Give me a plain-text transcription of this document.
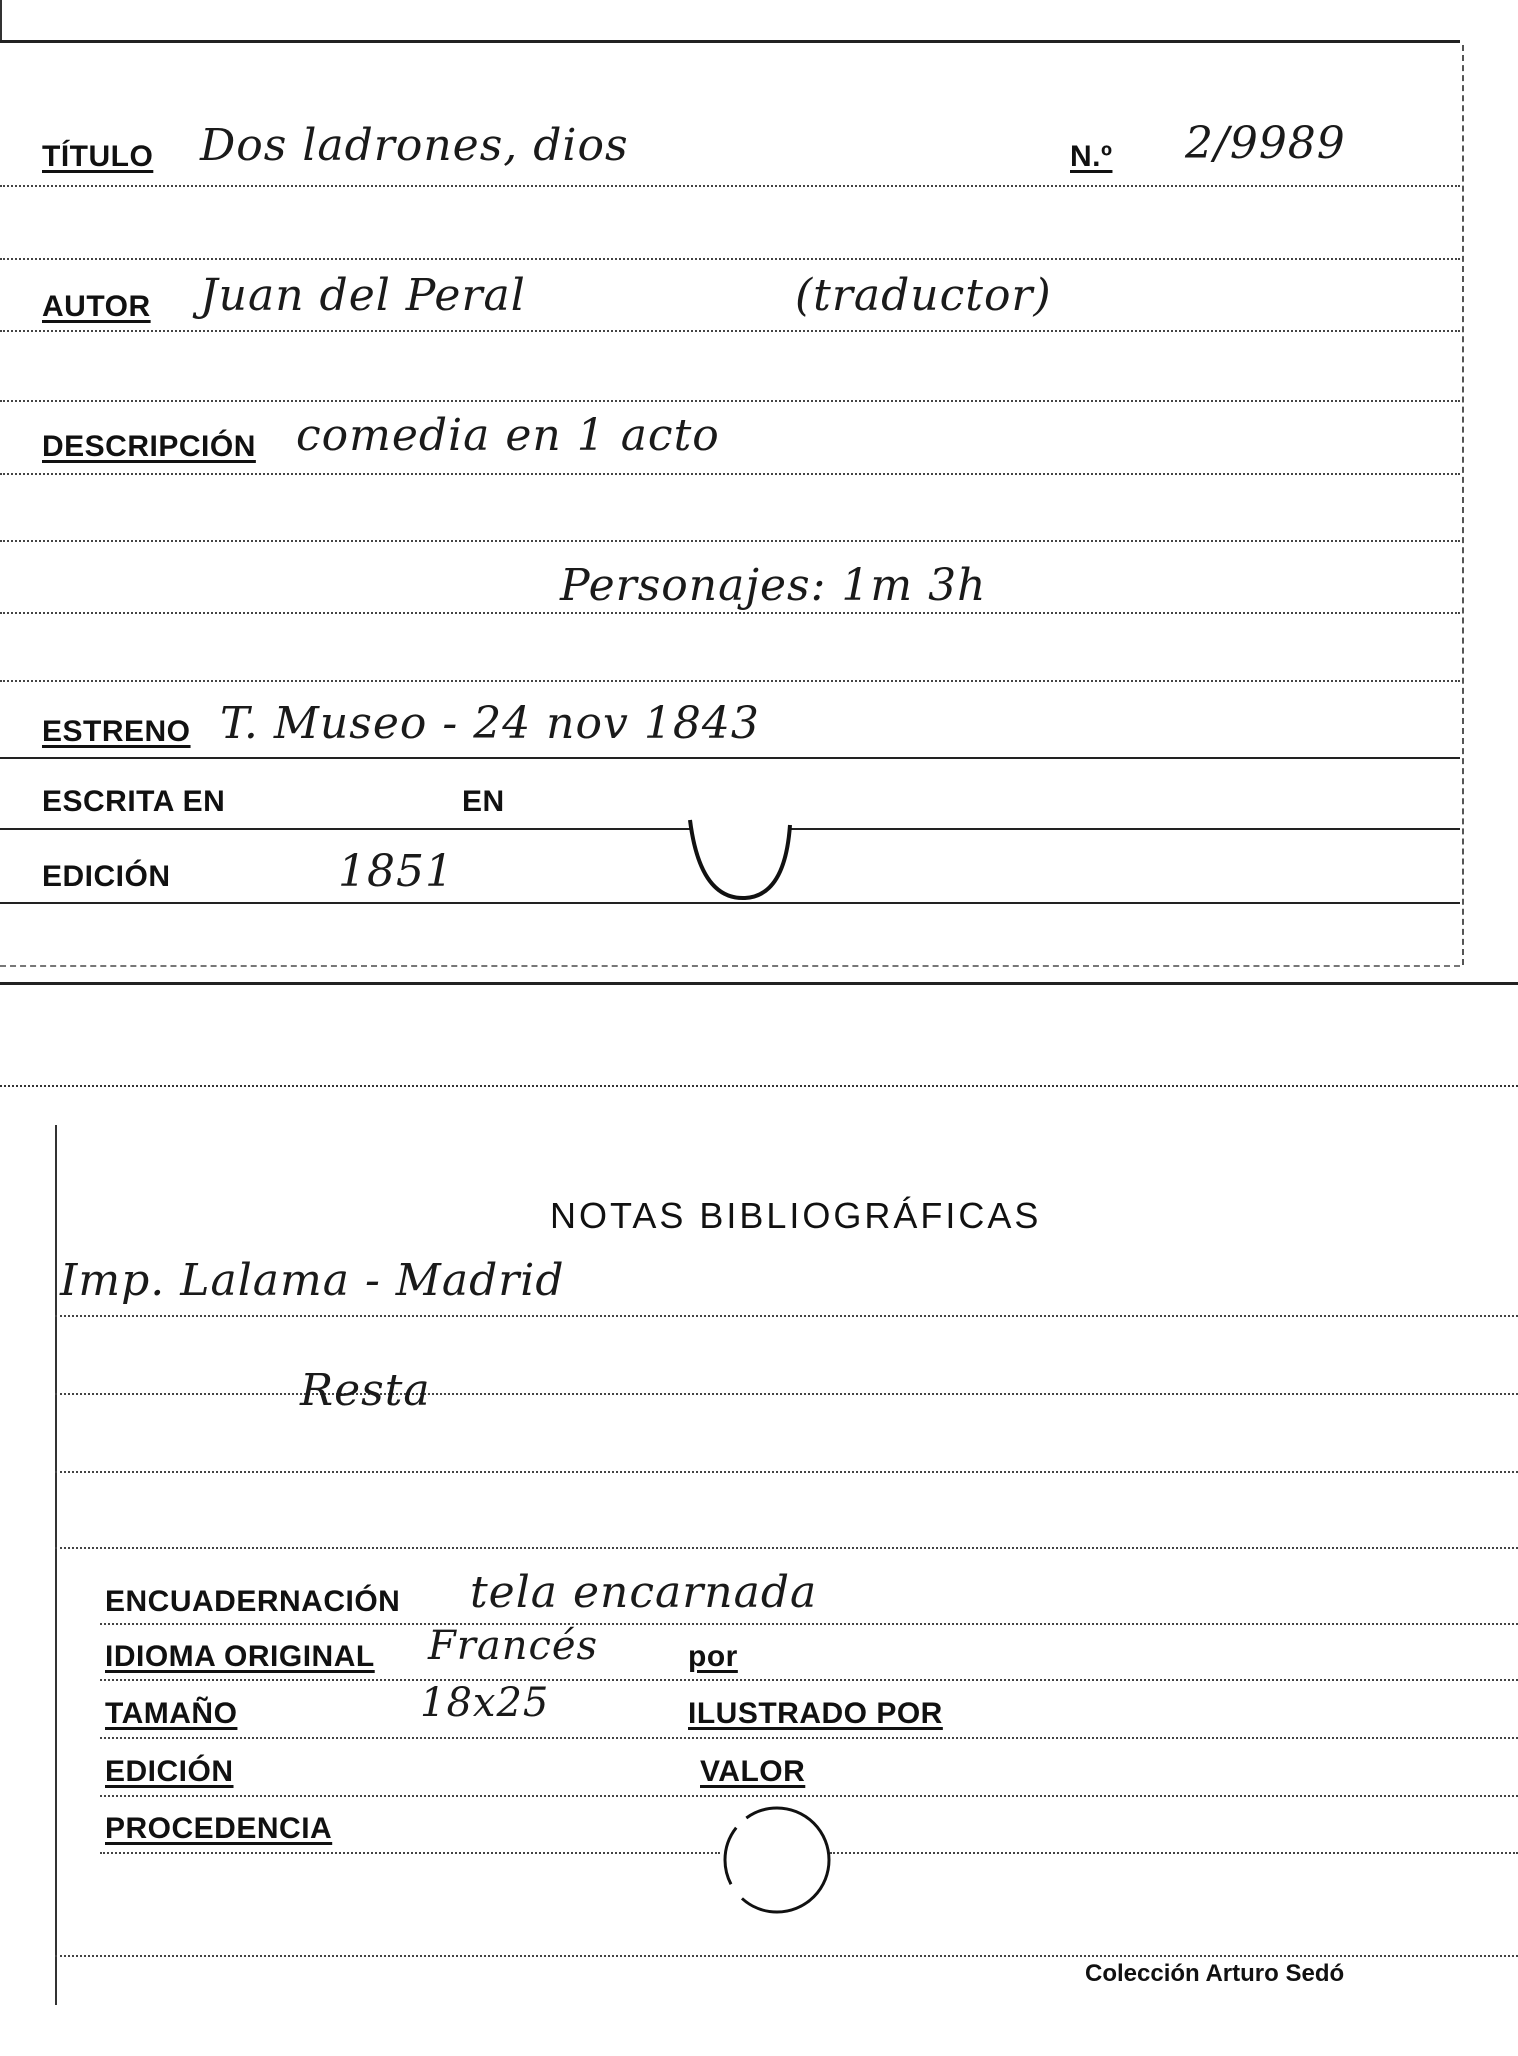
TÍTULO Dos ladrones, dios	N.º 2/9989
AUTOR Juan del Peral	(traductor)
DESCRIPCIÓN comedia en 1 acto
Personajes: 1m 3h
ESTRENO T. Museo - 24 nov 1843
ESCRITA EN	EN
EDICIÓN	1851
NOTAS BIBLIOGRÁFICAS
Imp. Lalama - Madrid
Resta
ENCUADERNACIÓN tela encarnada
IDIOMA ORIGINAL Francés	por
TAMAÑO	18x25	ILUSTRADO POR
EDICIÓN	VALOR
PROCEDENCIA
Colección Arturo Sedó
